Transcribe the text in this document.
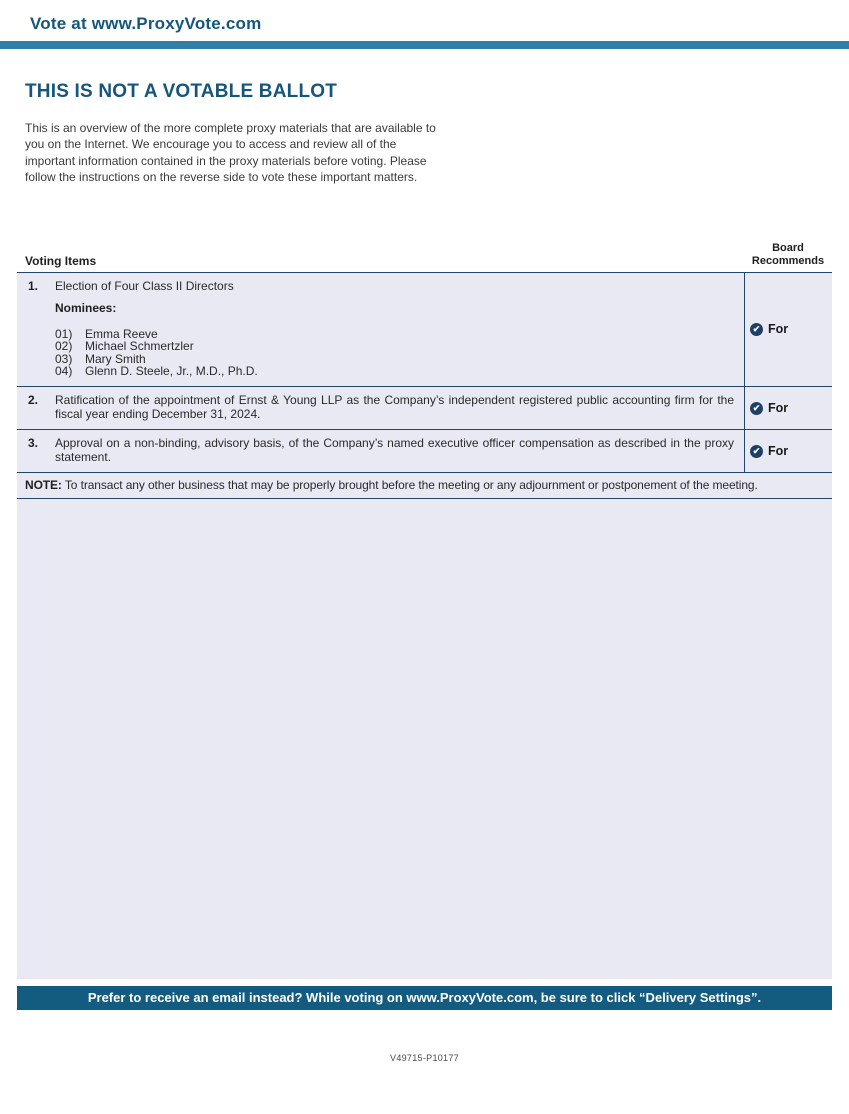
Vote at www.ProxyVote.com
THIS IS NOT A VOTABLE BALLOT

This is an overview of the more complete proxy materials that are available to you on the Internet. We encourage you to access and review all of the important information contained in the proxy materials before voting. Please follow the instructions on the reverse side to vote these important matters.

Voting Items
Board Recommends
1.	Election of Four Class II Directors
Nominees:
01)	Emma Reeve
02)	Michael Schmertzler
03)	Mary Smith
04)	Glenn D. Steele, Jr., M.D., Ph.D.
✔ For
2.	Ratification of the appointment of Ernst & Young LLP as the Company’s independent registered public accounting firm for the fiscal year ending December 31, 2024.	✔ For
3.	Approval on a non-binding, advisory basis, of the Company’s named executive officer compensation as described in the proxy statement.	✔ For
NOTE: To transact any other business that may be properly brought before the meeting or any adjournment or postponement of the meeting.
Prefer to receive an email instead? While voting on www.ProxyVote.com, be sure to click “Delivery Settings”.
V49715-P10177
